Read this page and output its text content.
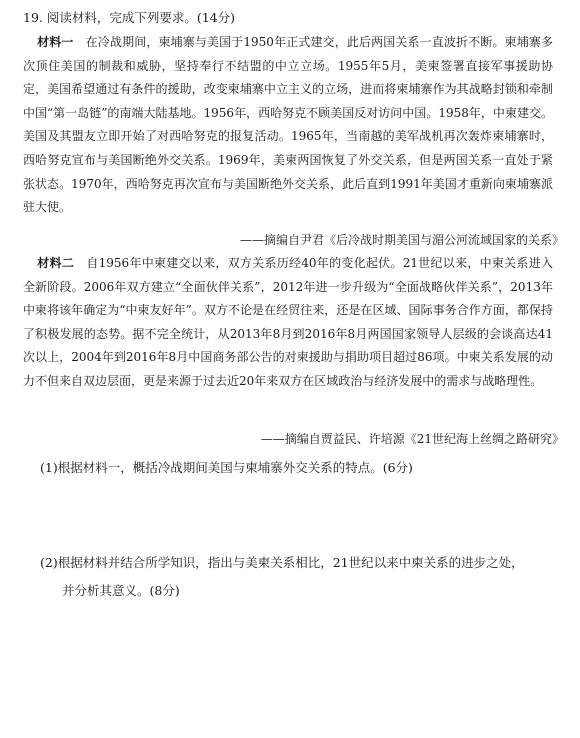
19. 阅读材料，完成下列要求。(14分)
材料一　 在冷战期间，柬埔寨与美国于1950年正式建交，此后两国关系一直波折不断。柬埔寨多次顶住美国的制裁和威胁，坚持奉行不结盟的中立立场。1955年5月，美柬签署直接军事援助协定，美国希望通过有条件的援助，改变柬埔寨中立主义的立场，进而将柬埔寨作为其战略封锁和牵制中国“第一岛链”的南端大陆基地。1956年，西哈努克不顾美国反对访问中国。1958年，中柬建交。美国及其盟友立即开始了对西哈努克的报复活动。1965年，当南越的美军战机再次轰炸柬埔寨时，西哈努克宣布与美国断绝外交关系。1969年，美柬两国恢复了外交关系，但是两国关系一直处于紧张状态。1970年，西哈努克再次宣布与美国断绝外交关系，此后直到1991年美国才重新向柬埔寨派驻大使。
——摘编自尹君《后冷战时期美国与湄公河流域国家的关系》
材料二　 自1956年中柬建交以来，双方关系历经40年的变化起伏。21世纪以来，中柬关系进入全新阶段。2006年双方建立“全面伙伴关系”，2012年进一步升级为“全面战略伙伴关系”，2013年中柬将该年确定为“中柬友好年”。双方不论是在经贸往来，还是在区域、国际事务合作方面，都保持了积极发展的态势。据不完全统计，从2013年8月到2016年8月两国国家领导人层级的会谈高达41次以上，2004年到2016年8月中国商务部公告的对柬援助与捐助项目超过86项。中柬关系发展的动力不但来自双边层面，更是来源于过去近20年来双方在区域政治与经济发展中的需求与战略理性。
——摘编自贾益民、许培源《21世纪海上丝绸之路研究》
(1)根据材料一，概括冷战期间美国与柬埔寨外交关系的特点。(6分)
(2)根据材料并结合所学知识，指出与美柬关系相比，21世纪以来中柬关系的进步之处，
并分析其意义。(8分)
